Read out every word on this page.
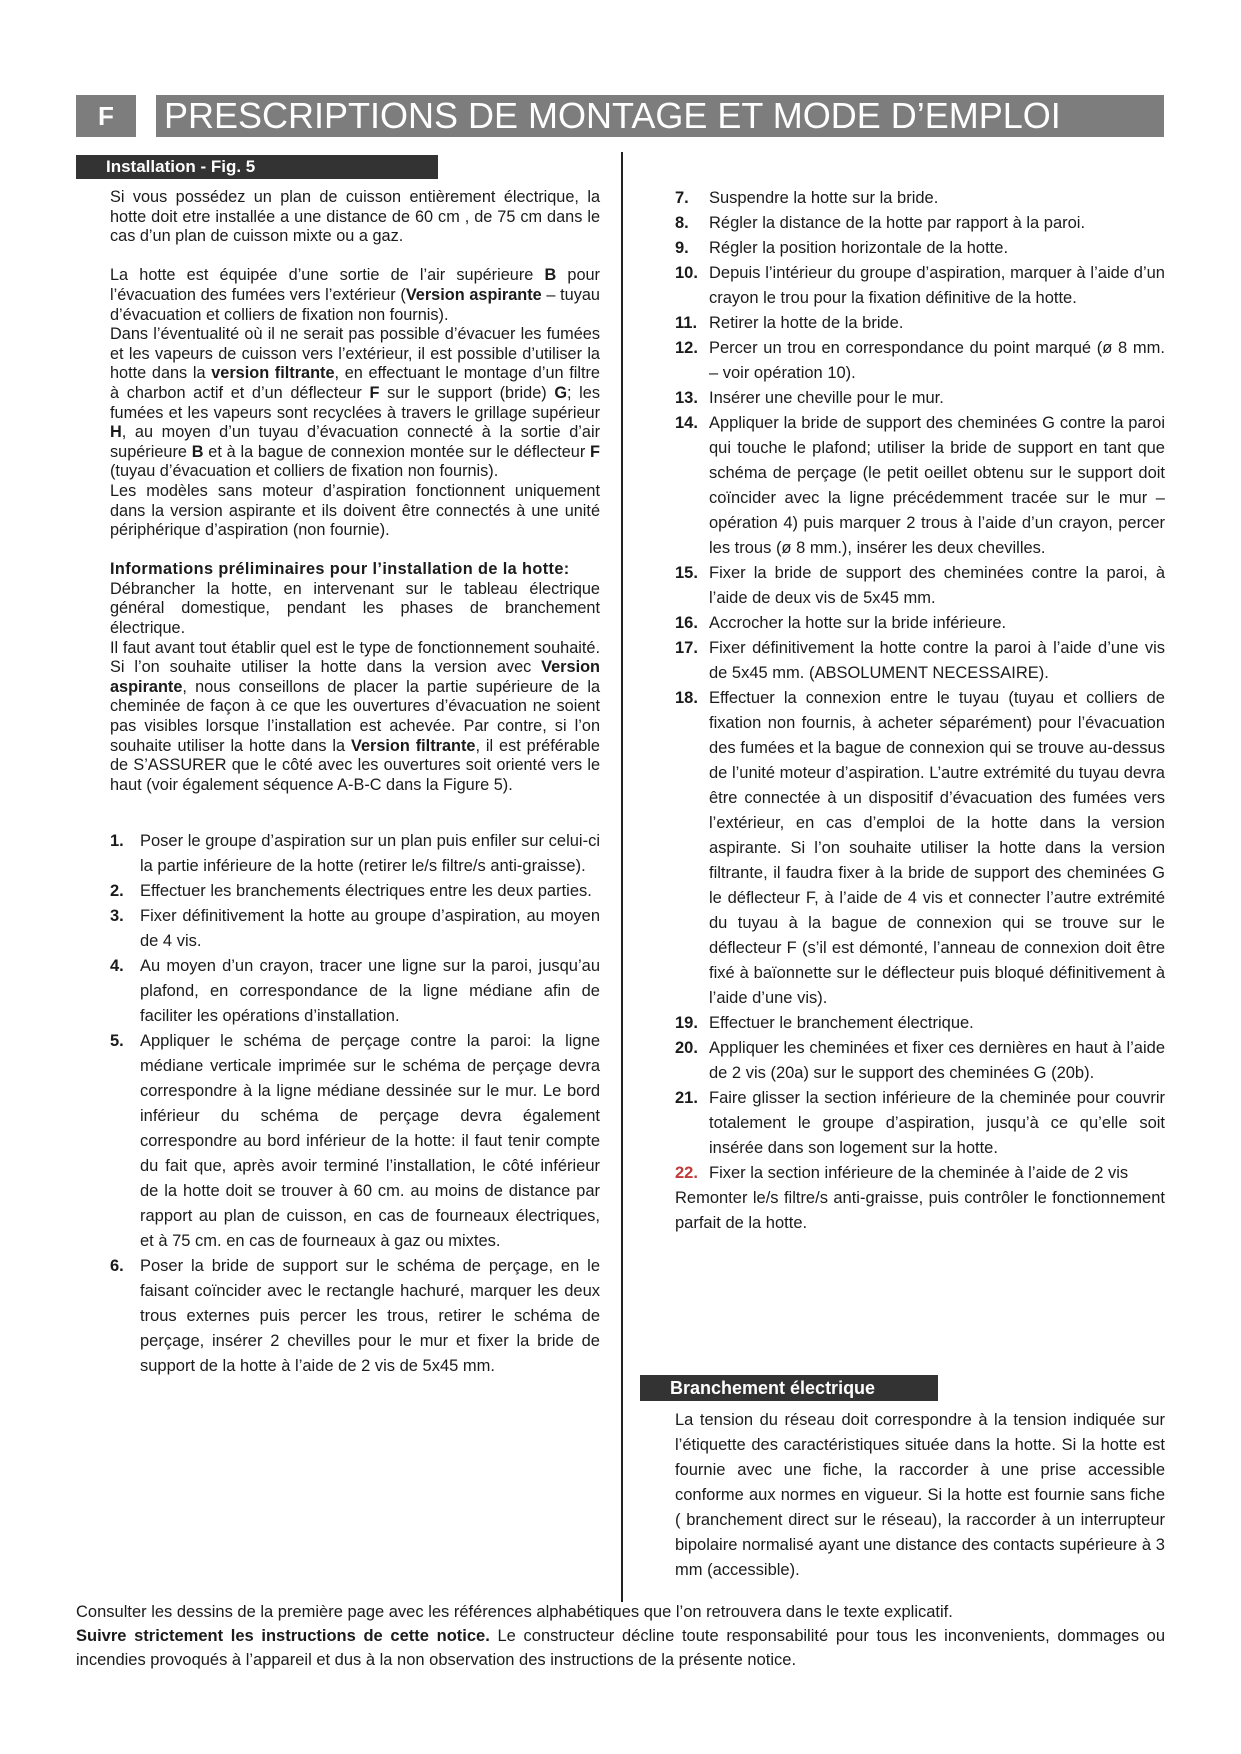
F	PRESCRIPTIONS DE MONTAGE ET MODE D’EMPLOI
Installation - Fig. 5

Si vous possédez un plan de cuisson entièrement électrique, la hotte doit etre installée a une distance de 60 cm , de 75 cm dans le cas d’un plan de cuisson mixte ou a gaz.

La hotte est équipée d’une sortie de l’air supérieure B pour l’évacuation des fumées vers l’extérieur (Version aspirante – tuyau d’évacuation et colliers de fixation non fournis).

Dans l’éventualité où il ne serait pas possible d’évacuer les fumées et les vapeurs de cuisson vers l’extérieur, il est possible d’utiliser la hotte dans la version filtrante, en effectuant le montage d’un filtre à charbon actif et d’un déflecteur F sur le support (bride) G; les fumées et les vapeurs sont recyclées à travers le grillage supérieur H, au moyen d’un tuyau d’évacuation connecté à la sortie d’air supérieure B et à la bague de connexion montée sur le déflecteur F (tuyau d’évacuation et colliers de fixation non fournis).

Les modèles sans moteur d’aspiration fonctionnent uniquement dans la version aspirante et ils doivent être connectés à une unité périphérique d’aspiration (non fournie).

Informations préliminaires pour l’installation de la hotte:

Débrancher la hotte, en intervenant sur le tableau électrique général domestique, pendant les phases de branchement électrique.

Il faut avant tout établir quel est le type de fonctionnement souhaité. Si l’on souhaite utiliser la hotte dans la version avec Version aspirante, nous conseillons de placer la partie supérieure de la cheminée de façon à ce que les ouvertures d’évacuation ne soient pas visibles lorsque l’installation est achevée. Par contre, si l’on souhaite utiliser la hotte dans la Version filtrante, il est préférable de S’ASSURER que le côté avec les ouvertures soit orienté vers le haut (voir également séquence A-B-C dans la Figure 5).

1. Poser le groupe d’aspiration sur un plan puis enfiler sur celui-ci la partie inférieure de la hotte (retirer le/s filtre/s anti-graisse).
2. Effectuer les branchements électriques entre les deux parties.
3. Fixer définitivement la hotte au groupe d’aspiration, au moyen de 4 vis.
4. Au moyen d’un crayon, tracer une ligne sur la paroi, jusqu’au plafond, en correspondance de la ligne médiane afin de faciliter les opérations d’installation.
5. Appliquer le schéma de perçage contre la paroi: la ligne médiane verticale imprimée sur le schéma de perçage devra correspondre à la ligne médiane dessinée sur le mur. Le bord inférieur du schéma de perçage devra également correspondre au bord inférieur de la hotte: il faut tenir compte du fait que, après avoir terminé l’installation, le côté inférieur de la hotte doit se trouver à 60 cm. au moins de distance par rapport au plan de cuisson, en cas de fourneaux électriques, et à 75 cm. en cas de fourneaux à gaz ou mixtes.
6. Poser la bride de support sur le schéma de perçage, en le faisant coïncider avec le rectangle hachuré, marquer les deux trous externes puis percer les trous, retirer le schéma de perçage, insérer 2 chevilles pour le mur et fixer la bride de support de la hotte à l’aide de 2 vis de 5x45 mm.
7.	Suspendre la hotte sur la bride.
8.	Régler la distance de la hotte par rapport à la paroi.
9.	Régler la position horizontale de la hotte.
10. Depuis l’intérieur du groupe d’aspiration, marquer à l’aide d’un crayon le trou pour la fixation définitive de la hotte.
11. Retirer la hotte de la bride.
12. Percer un trou en correspondance du point marqué (ø 8 mm. – voir opération 10).
13. Insérer une cheville pour le mur.
14. Appliquer la bride de support des cheminées G contre la paroi qui touche le plafond; utiliser la bride de support en tant que schéma de perçage (le petit oeillet obtenu sur le support doit coïncider avec la ligne précédemment tracée sur le mur – opération 4) puis marquer 2 trous à l’aide d’un crayon, percer les trous (ø 8 mm.), insérer les deux chevilles.
15. Fixer la bride de support des cheminées contre la paroi, à l’aide de deux vis de 5x45 mm.
16. Accrocher la hotte sur la bride inférieure.
17. Fixer définitivement la hotte contre la paroi à l’aide d’une vis de 5x45 mm. (ABSOLUMENT NECESSAIRE).
18. Effectuer la connexion entre le tuyau (tuyau et colliers de fixation non fournis, à acheter séparément) pour l’évacuation des fumées et la bague de connexion qui se trouve au-dessus de l’unité moteur d’aspiration. L’autre extrémité du tuyau devra être connectée à un dispositif d’évacuation des fumées vers l’extérieur, en cas d’emploi de la hotte dans la version aspirante. Si l’on souhaite utiliser la hotte dans la version filtrante, il faudra fixer à la bride de support des cheminées G le déflecteur F, à l’aide de 4 vis et connecter l’autre extrémité du tuyau à la bague de connexion qui se trouve sur le déflecteur F (s’il est démonté, l’anneau de connexion doit être fixé à baïonnette sur le déflecteur puis bloqué définitivement à l’aide d’une vis).
19. Effectuer le branchement électrique.
20. Appliquer les cheminées et fixer ces dernières en haut à l’aide de 2 vis (20a) sur le support des cheminées G (20b).
21. Faire glisser la section inférieure de la cheminée pour couvrir totalement le groupe d’aspiration, jusqu’à ce qu’elle soit insérée dans son logement sur la hotte.
22. Fixer la section inférieure de la cheminée à l’aide de 2 vis

Remonter le/s filtre/s anti-graisse, puis contrôler le fonctionnement parfait de la hotte.

Branchement électrique

La tension du réseau doit correspondre à la tension indiquée sur l’étiquette des caractéristiques située dans la hotte. Si la hotte est fournie avec une fiche, la raccorder à une prise accessible conforme aux normes en vigueur. Si la hotte est fournie sans fiche ( branchement direct sur le réseau), la raccorder à un interrupteur bipolaire normalisé ayant une distance des contacts supérieure à 3 mm (accessible).

Consulter les dessins de la première page avec les références alphabétiques que l’on retrouvera dans le texte explicatif.

Suivre strictement les instructions de cette notice. Le constructeur décline toute responsabilité pour tous les inconvenients, dommages ou incendies provoqués à l’appareil et dus à la non observation des instructions de la présente notice.
